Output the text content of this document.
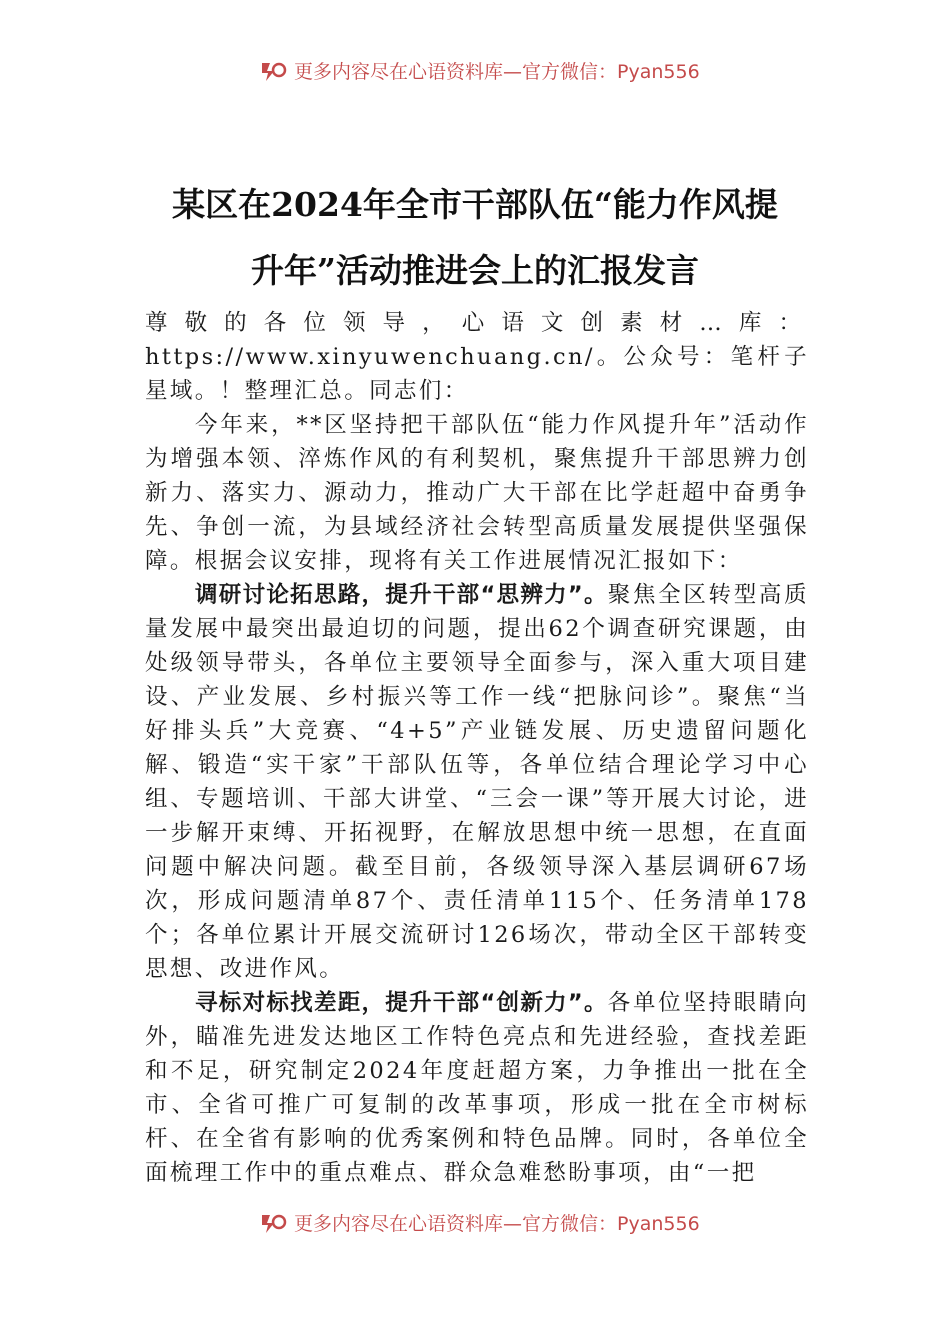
更多内容尽在心语资料库—官方微信：Pyan556
某区在2024年全市干部队伍“能力作风提
升年”活动推进会上的汇报发言

尊敬的各位领导，心语文创素材…库：https://www.xinyuwenchuang.cn/。公众号：笔杆子星域。！整理汇总。同志们：

今年来，**区坚持把干部队伍“能力作风提升年”活动作为增强本领、淬炼作风的有利契机，聚焦提升干部思辨力创新力、落实力、源动力，推动广大干部在比学赶超中奋勇争先、争创一流，为县域经济社会转型高质量发展提供坚强保障。根据会议安排，现将有关工作进展情况汇报如下：

调研讨论拓思路，提升干部“思辨力”。聚焦全区转型高质量发展中最突出最迫切的问题，提出62个调查研究课题，由处级领导带头，各单位主要领导全面参与，深入重大项目建设、产业发展、乡村振兴等工作一线“把脉问诊”。聚焦“当好排头兵”大竞赛、“4+5”产业链发展、历史遗留问题化解、锻造“实干家”干部队伍等，各单位结合理论学习中心组、专题培训、干部大讲堂、“三会一课”等开展大讨论，进一步解开束缚、开拓视野，在解放思想中统一思想，在直面问题中解决问题。截至目前，各级领导深入基层调研67场次，形成问题清单87个、责任清单115个、任务清单178个；各单位累计开展交流研讨126场次，带动全区干部转变思想、改进作风。

寻标对标找差距，提升干部“创新力”。各单位坚持眼睛向外，瞄准先进发达地区工作特色亮点和先进经验，查找差距和不足，研究制定2024年度赶超方案，力争推出一批在全市、全省可推广可复制的改革事项，形成一批在全市树标杆、在全省有影响的优秀案例和特色品牌。同时，各单位全面梳理工作中的重点难点、群众急难愁盼事项，由“一把

更多内容尽在心语资料库—官方微信：Pyan556
